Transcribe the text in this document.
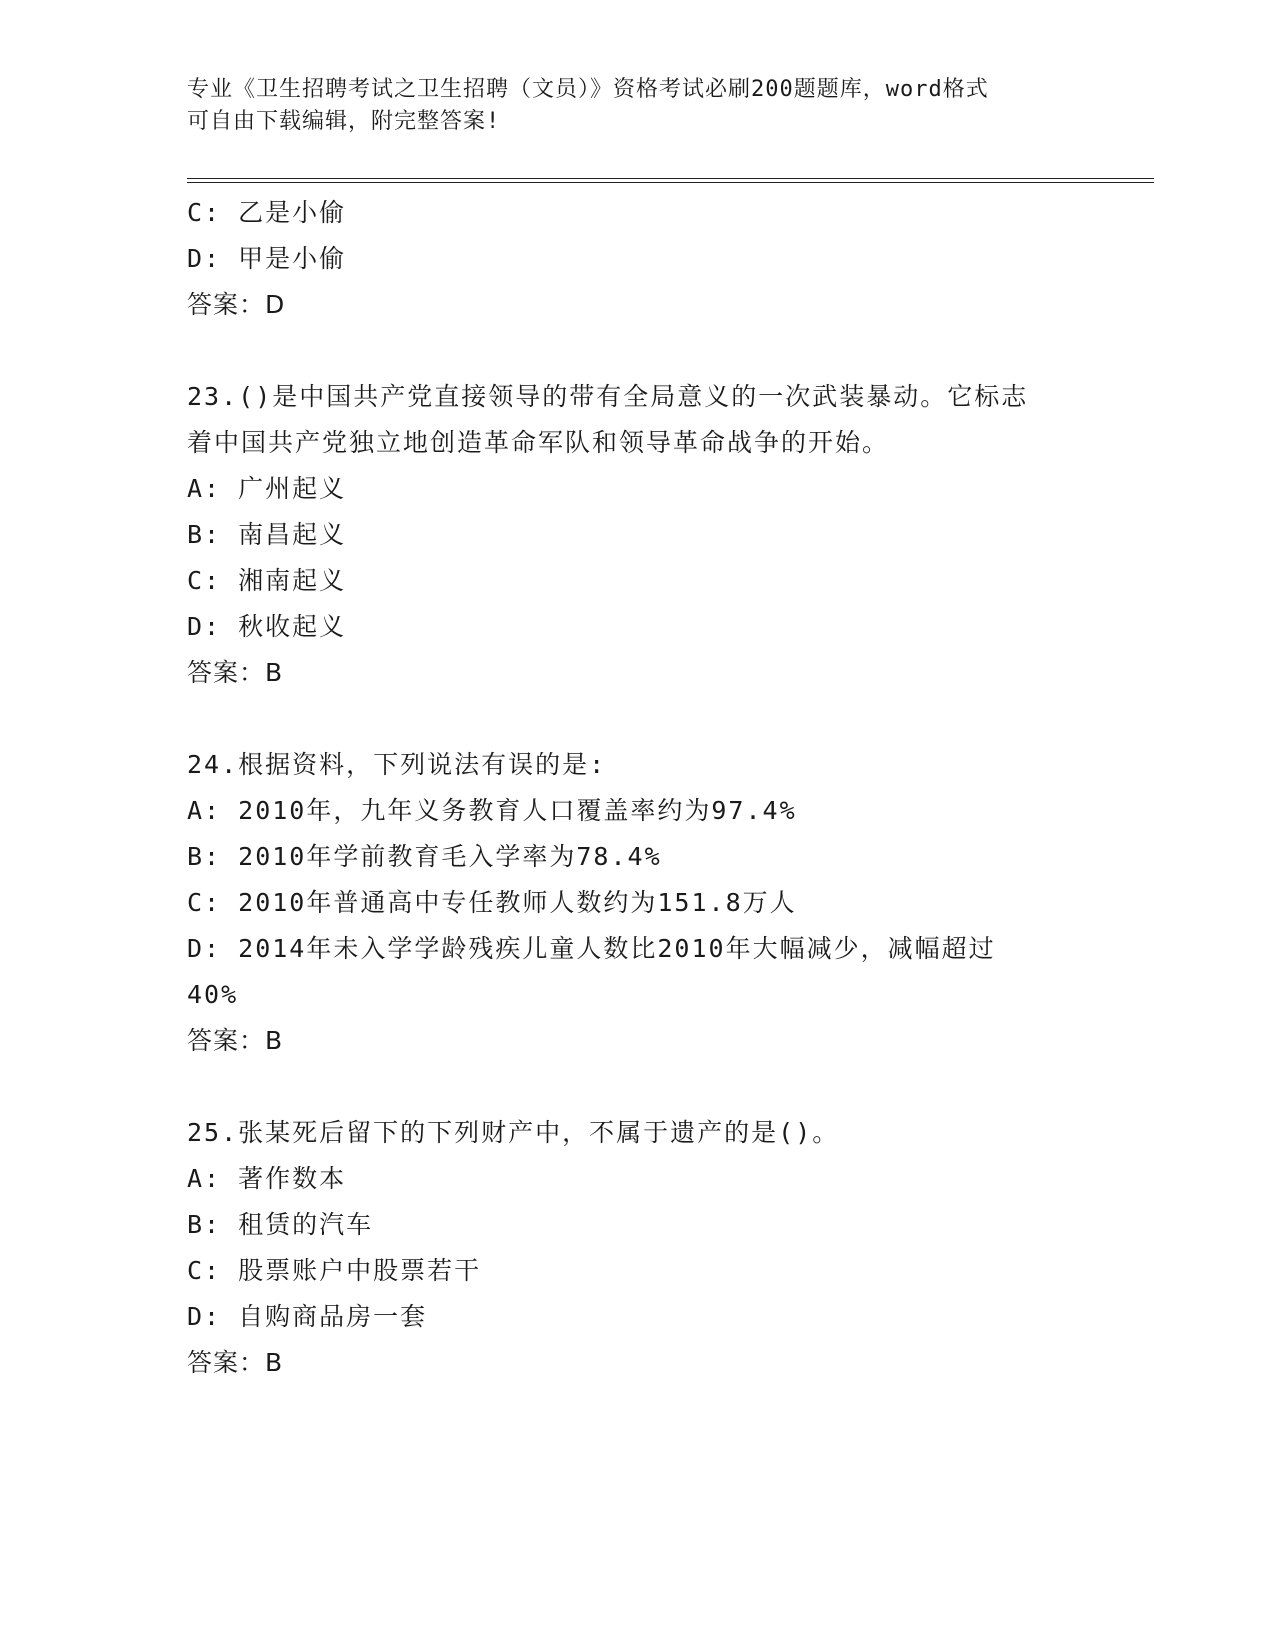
专业《卫生招聘考试之卫生招聘（文员）》资格考试必刷200题题库，word格式
可自由下载编辑，附完整答案!
C: 乙是小偷
D: 甲是小偷
答案：D
23.()是中国共产党直接领导的带有全局意义的一次武装暴动。它标志
着中国共产党独立地创造革命军队和领导革命战争的开始。
A: 广州起义
B: 南昌起义
C: 湘南起义
D: 秋收起义
答案：B
24.根据资料，下列说法有误的是:
A: 2010年，九年义务教育人口覆盖率约为97.4%
B: 2010年学前教育毛入学率为78.4%
C: 2010年普通高中专任教师人数约为151.8万人
D: 2014年未入学学龄残疾儿童人数比2010年大幅减少，减幅超过
40%
答案：B
25.张某死后留下的下列财产中，不属于遗产的是()。
A: 著作数本
B: 租赁的汽车
C: 股票账户中股票若干
D: 自购商品房一套
答案：B
